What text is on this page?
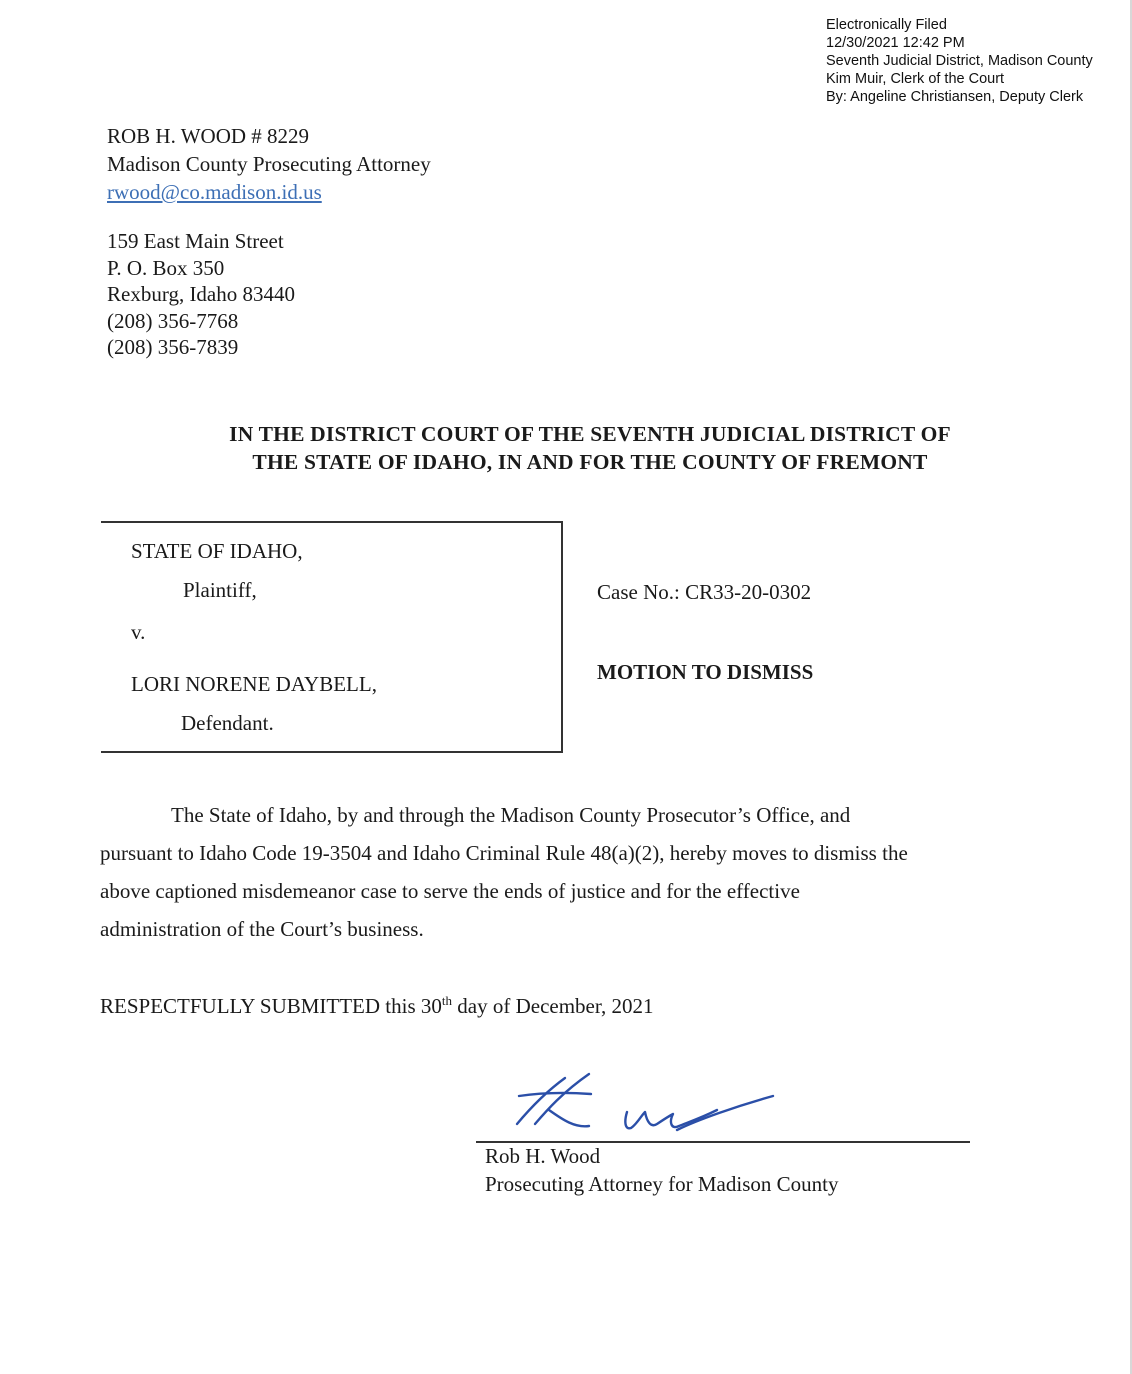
Electronically Filed
12/30/2021 12:42 PM
Seventh Judicial District, Madison County
Kim Muir, Clerk of the Court
By: Angeline Christiansen, Deputy Clerk
ROB H. WOOD # 8229
Madison County Prosecuting Attorney
rwood@co.madison.id.us
159 East Main Street
P. O. Box 350
Rexburg, Idaho 83440
(208) 356-7768
(208) 356-7839
IN THE DISTRICT COURT OF THE SEVENTH JUDICIAL DISTRICT OF
THE STATE OF IDAHO, IN AND FOR THE COUNTY OF FREMONT
STATE OF IDAHO,
Plaintiff,
v.
LORI NORENE DAYBELL,
Defendant.
Case No.: CR33-20-0302
MOTION TO DISMISS
The State of Idaho, by and through the Madison County Prosecutor’s Office, and
pursuant to Idaho Code 19-3504 and Idaho Criminal Rule 48(a)(2), hereby moves to dismiss the
above captioned misdemeanor case to serve the ends of justice and for the effective
administration of the Court’s business.
RESPECTFULLY SUBMITTED this 30th day of December, 2021
Rob H. Wood
Prosecuting Attorney for Madison County
